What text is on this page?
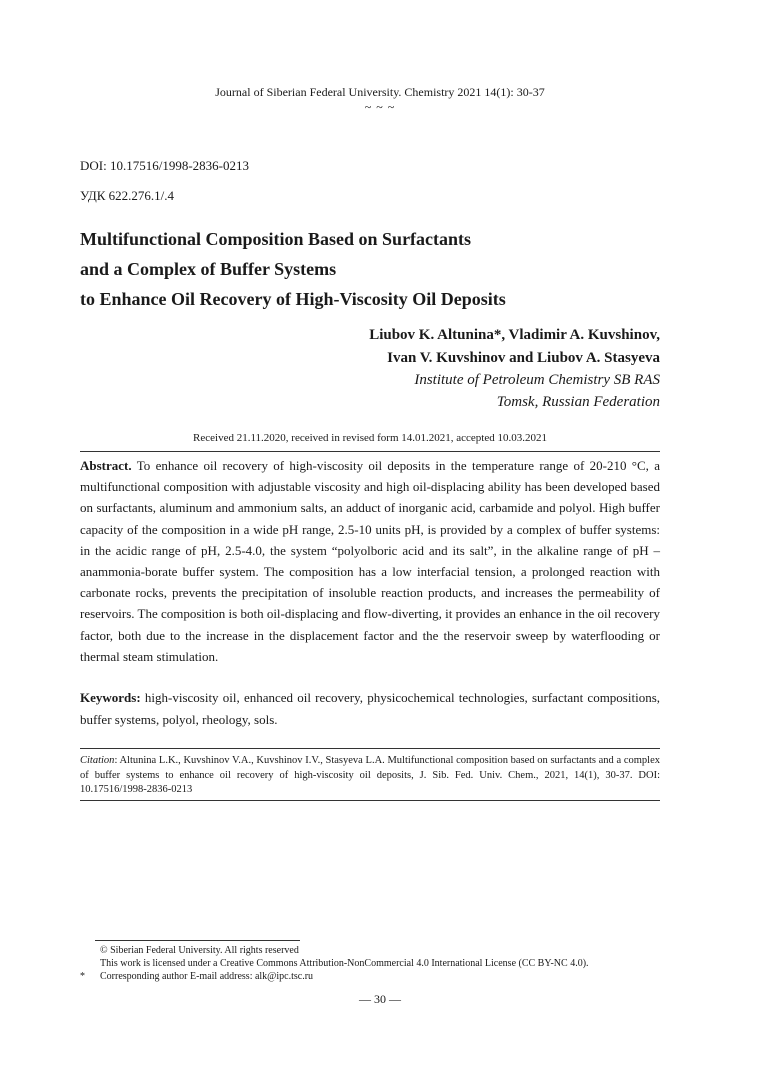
Journal of Siberian Federal University. Chemistry 2021 14(1): 30-37
~ ~ ~
DOI: 10.17516/1998-2836-0213
УДК 622.276.1/.4
Multifunctional Composition Based on Surfactants
and a Complex of Buffer Systems
to Enhance Oil Recovery of High-Viscosity Oil Deposits
Liubov K. Altunina*, Vladimir A. Kuvshinov,
Ivan V. Kuvshinov and Liubov A. Stasyeva
Institute of Petroleum Chemistry SB RAS
Tomsk, Russian Federation
Received 21.11.2020, received in revised form 14.01.2021, accepted 10.03.2021
Abstract. To enhance oil recovery of high-viscosity oil deposits in the temperature range of 20-210 °C, a multifunctional composition with adjustable viscosity and high oil-displacing ability has been developed based on surfactants, aluminum and ammonium salts, an adduct of inorganic acid, carbamide and polyol. High buffer capacity of the composition in a wide pH range, 2.5-10 units pH, is provided by a complex of buffer systems: in the acidic range of pH, 2.5-4.0, the system “polyolboric acid and its salt”, in the alkaline range of pH – anammonia-borate buffer system. The composition has a low interfacial tension, a prolonged reaction with carbonate rocks, prevents the precipitation of insoluble reaction products, and increases the permeability of reservoirs. The composition is both oil-displacing and flow-diverting, it provides an enhance in the oil recovery factor, both due to the increase in the displacement factor and the the reservoir sweep by waterflooding or thermal steam stimulation.
Keywords: high-viscosity oil, enhanced oil recovery, physicochemical technologies, surfactant compositions, buffer systems, polyol, rheology, sols.
Citation: Altunina L.K., Kuvshinov V.A., Kuvshinov I.V., Stasyeva L.A. Multifunctional composition based on surfactants and a complex of buffer systems to enhance oil recovery of high-viscosity oil deposits, J. Sib. Fed. Univ. Chem., 2021, 14(1), 30-37. DOI: 10.17516/1998-2836-0213
© Siberian Federal University. All rights reserved
This work is licensed under a Creative Commons Attribution-NonCommercial 4.0 International License (CC BY-NC 4.0).
* Corresponding author E-mail address: alk@ipc.tsc.ru
— 30 —
